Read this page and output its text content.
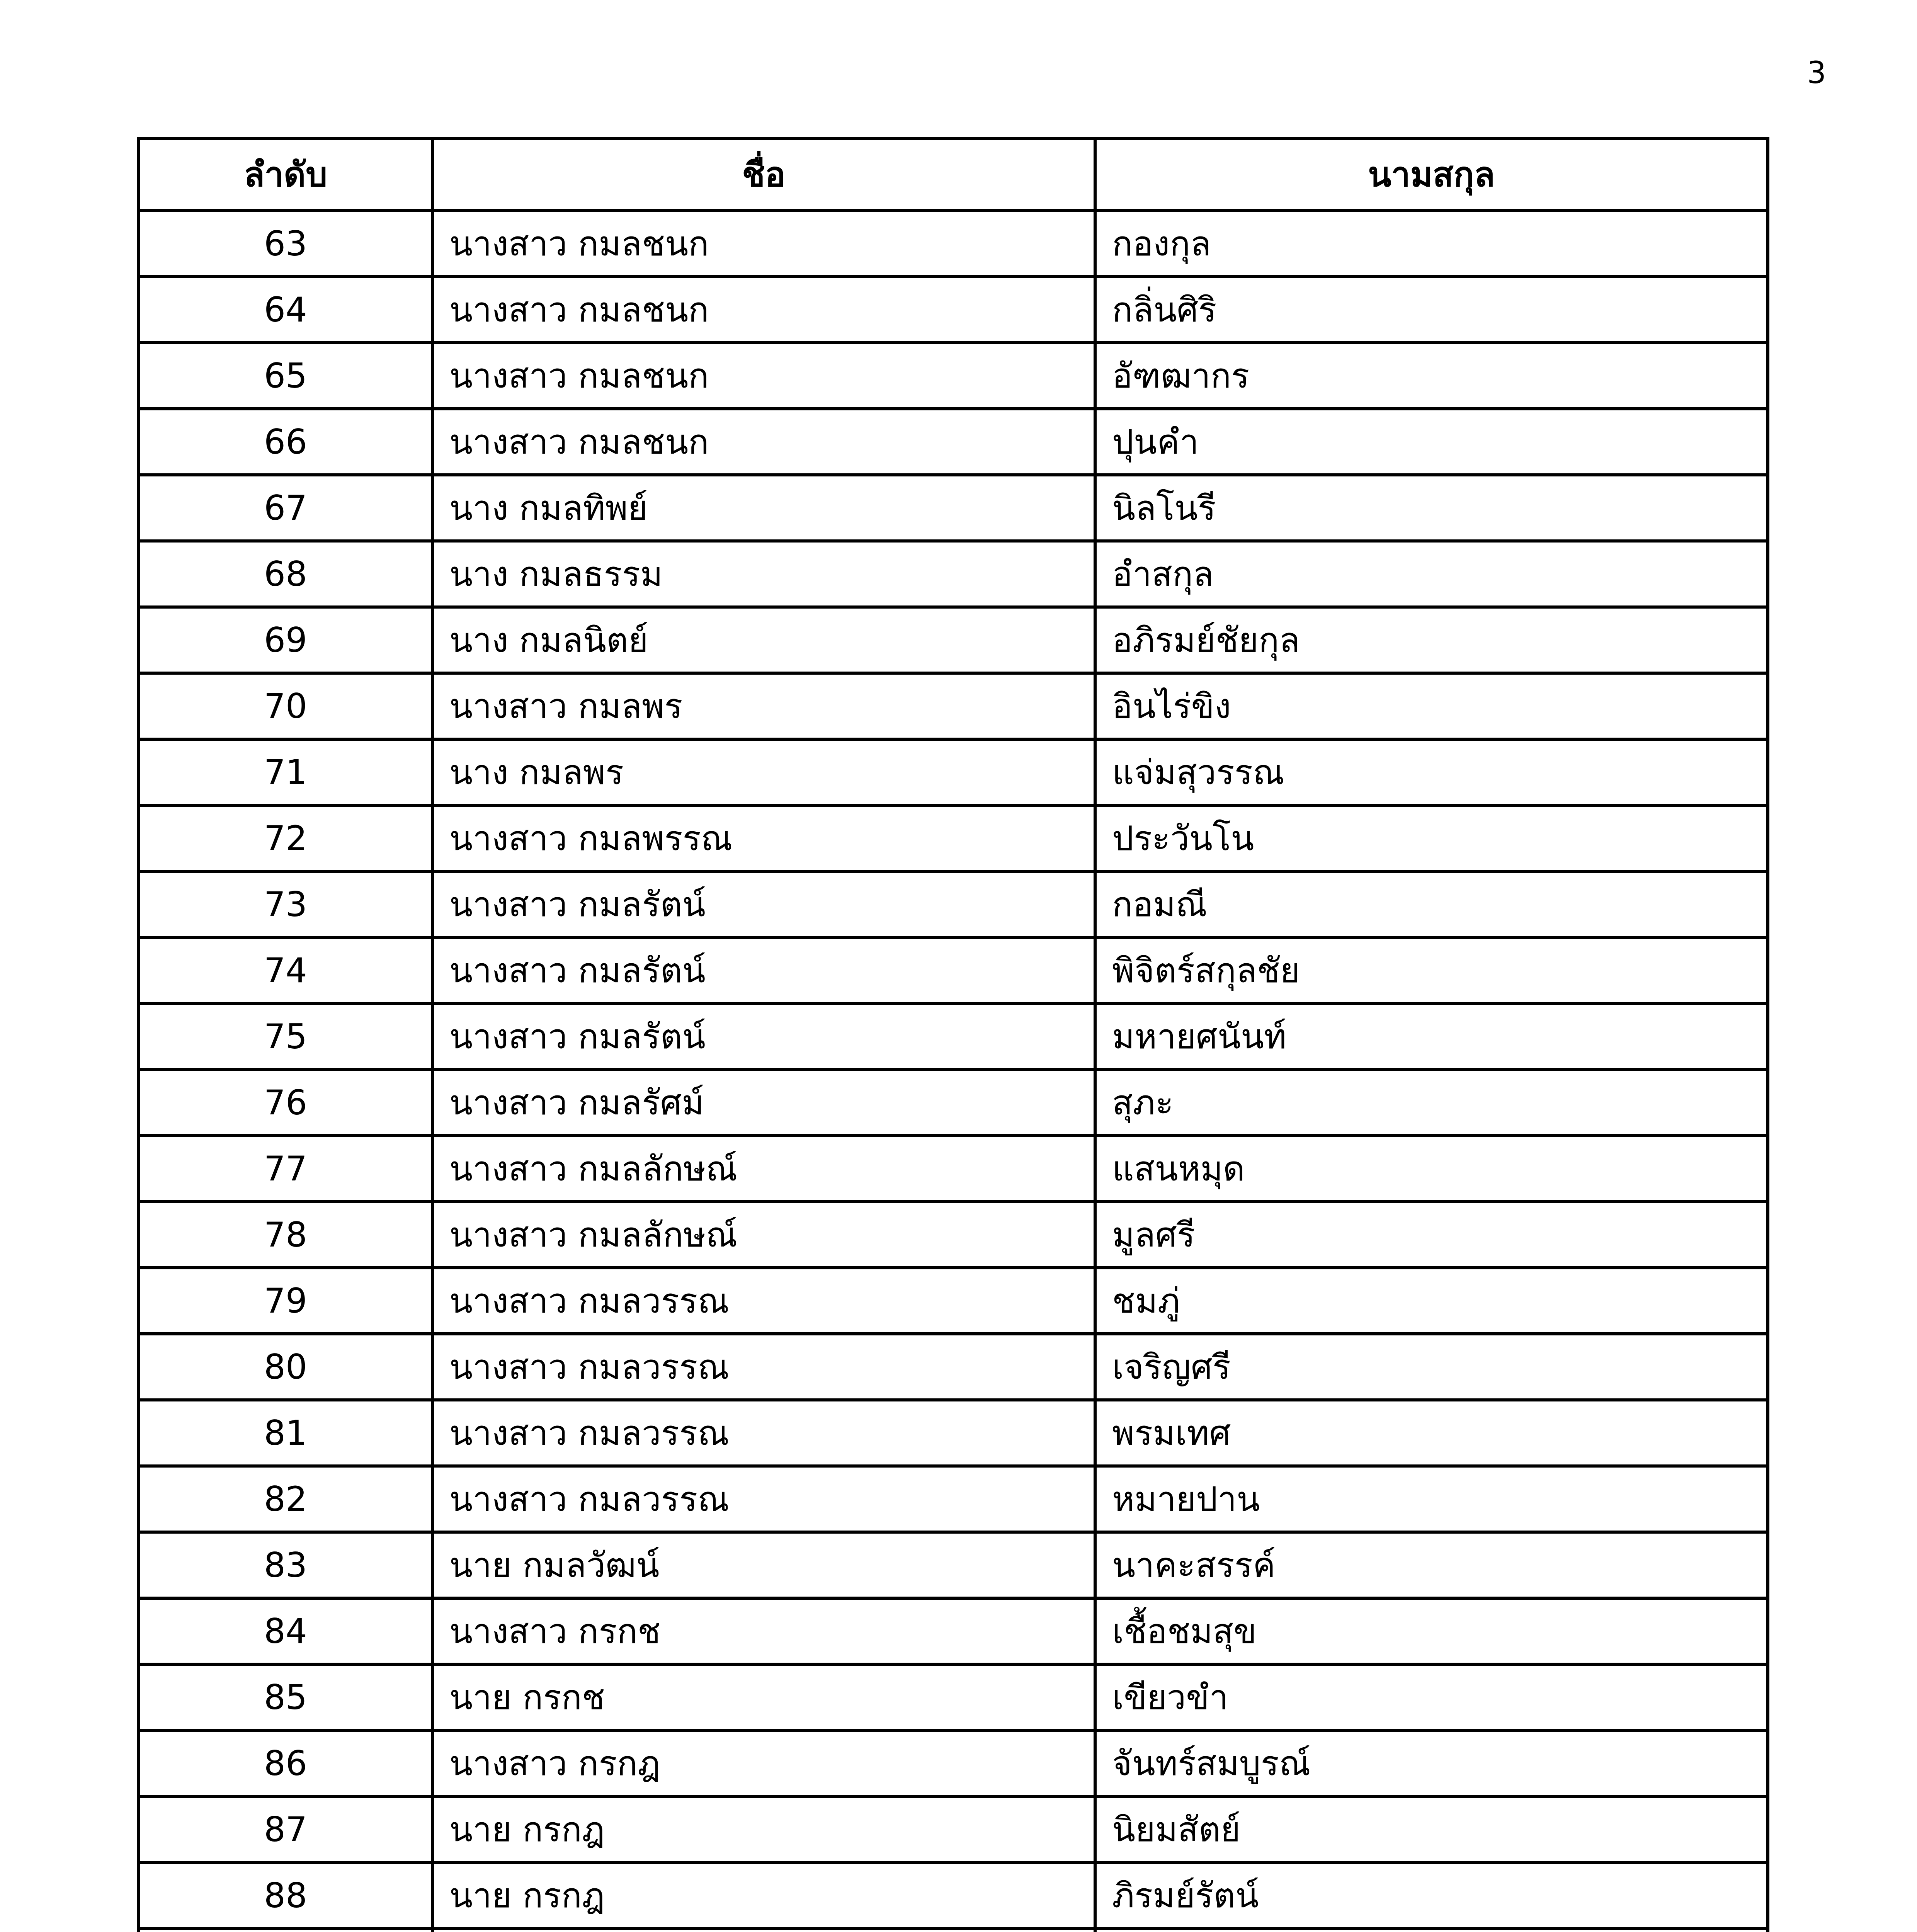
3
ลำดับ	ชื่อ	นามสกุล
63	นางสาว กมลชนก	กองกุล
64	นางสาว กมลชนก	กลิ่นศิริ
65	นางสาว กมลชนก	อัฑฒากร
66	นางสาว กมลชนก	ปุนคำ
67	นาง กมลทิพย์	นิลโนรี
68	นาง กมลธรรม	อำสกุล
69	นาง กมลนิตย์	อภิรมย์ชัยกุล
70	นางสาว กมลพร	อินไร่ขิง
71	นาง กมลพร	แจ่มสุวรรณ
72	นางสาว กมลพรรณ	ประวันโน
73	นางสาว กมลรัตน์	กอมณี
74	นางสาว กมลรัตน์	พิจิตร์สกุลชัย
75	นางสาว กมลรัตน์	มหายศนันท์
76	นางสาว กมลรัศม์	สุภะ
77	นางสาว กมลลักษณ์	แสนหมุด
78	นางสาว กมลลักษณ์	มูลศรี
79	นางสาว กมลวรรณ	ชมภู่
80	นางสาว กมลวรรณ	เจริญศรี
81	นางสาว กมลวรรณ	พรมเทศ
82	นางสาว กมลวรรณ	หมายปาน
83	นาย กมลวัฒน์	นาคะสรรค์
84	นางสาว กรกช	เชื้อชมสุข
85	นาย กรกช	เขียวขำ
86	นางสาว กรกฎ	จันทร์สมบูรณ์
87	นาย กรกฎ	นิยมสัตย์
88	นาย กรกฎ	ภิรมย์รัตน์
